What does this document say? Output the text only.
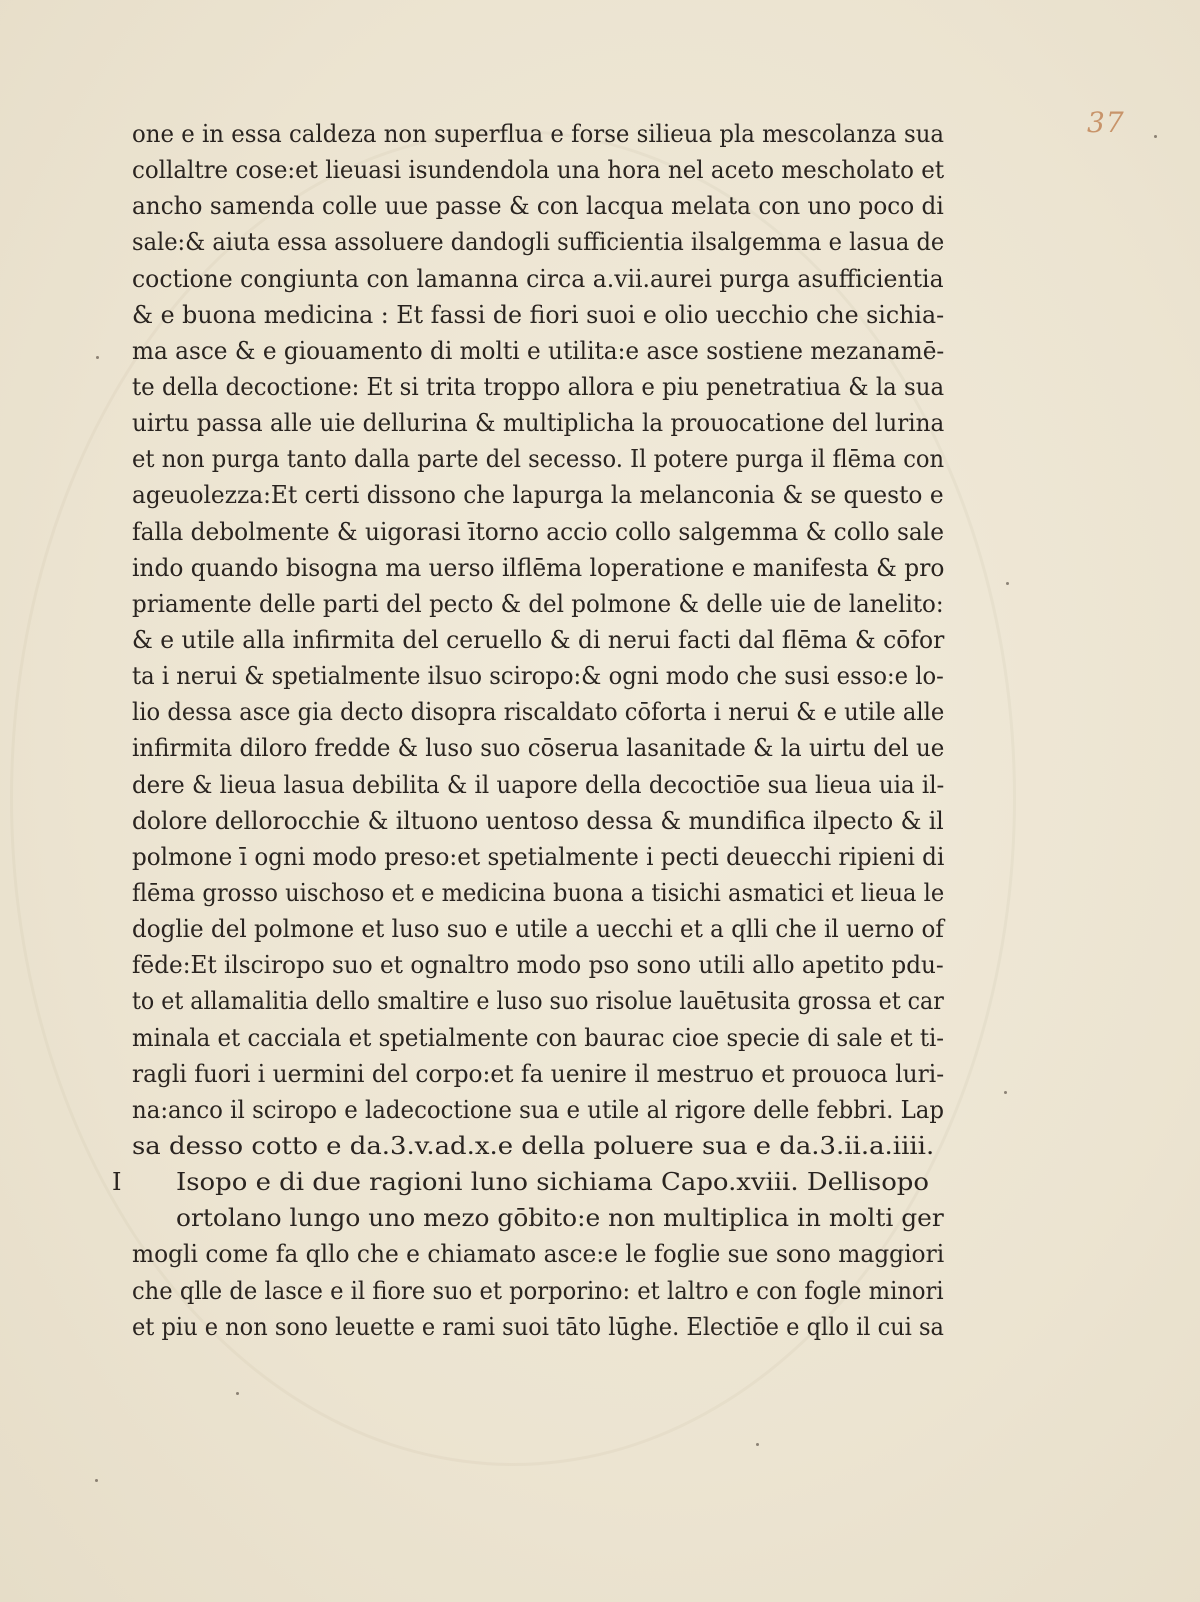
37
one e in essa caldeza non superflua e forse silieua pla mescolanza sua
collaltre cose:et lieuasi isundendola una hora nel aceto mescholato et
ancho samenda colle uue passe & con lacqua melata con uno poco di
sale:& aiuta essa assoluere dandogli sufficientia ilsalgemma e lasua de
coctione congiunta con lamanna circa a.vii.aurei purga asufficientia
& e buona medicina : Et fassi de fiori suoi e olio uecchio che sichia-
ma asce & e giouamento di molti e utilita:e asce sostiene mezanamē-
te della decoctione: Et si trita troppo allora e piu penetratiua & la sua
uirtu passa alle uie dellurina & multiplicha la prouocatione del lurina
et non purga tanto dalla parte del secesso. Il potere purga il flēma con
ageuolezza:Et certi dissono che lapurga la melanconia & se questo e
falla debolmente & uigorasi ītorno accio collo salgemma & collo sale
indo quando bisogna ma uerso ilflēma loperatione e manifesta & pro
priamente delle parti del pecto & del polmone & delle uie de lanelito:
& e utile alla infirmita del ceruello & di nerui facti dal flēma & cōfor
ta i nerui & spetialmente ilsuo sciropo:& ogni modo che susi esso:e lo-
lio dessa asce gia decto disopra riscaldato cōforta i nerui & e utile alle
infirmita diloro fredde & luso suo cōserua lasanitade & la uirtu del ue
dere & lieua lasua debilita & il uapore della decoctiōe sua lieua uia il-
dolore dellorocchie & iltuono uentoso dessa & mundifica ilpecto & il
polmone ī ogni modo preso:et spetialmente i pecti deuecchi ripieni di
flēma grosso uischoso et e medicina buona a tisichi asmatici et lieua le
doglie del polmone et luso suo e utile a uecchi et a qlli che il uerno of
fēde:Et ilsciropo suo et ognaltro modo pso sono utili allo apetito pdu-
to et allamalitia dello smaltire e luso suo risolue lauētusita grossa et car
minala et cacciala et spetialmente con baurac cioe specie di sale et ti-
ragli fuori i uermini del corpo:et fa uenire il mestruo et prouoca luri-
na:anco il sciropo e ladecoctione sua e utile al rigore delle febbri. Lap
sa desso cotto e da.3.v.ad.x.e della poluere sua e da.3.ii.a.iiii.
I Isopo e di due ragioni luno sichiama Capo.xviii. Dellisopo
ortolano lungo uno mezo gōbito:e non multiplica in molti ger
mogli come fa qllo che e chiamato asce:e le foglie sue sono maggiori
che qlle de lasce e il fiore suo et porporino: et laltro e con fogle minori
et piu e non sono leuette e rami suoi tāto lūghe. Electiōe e qllo il cui sa
